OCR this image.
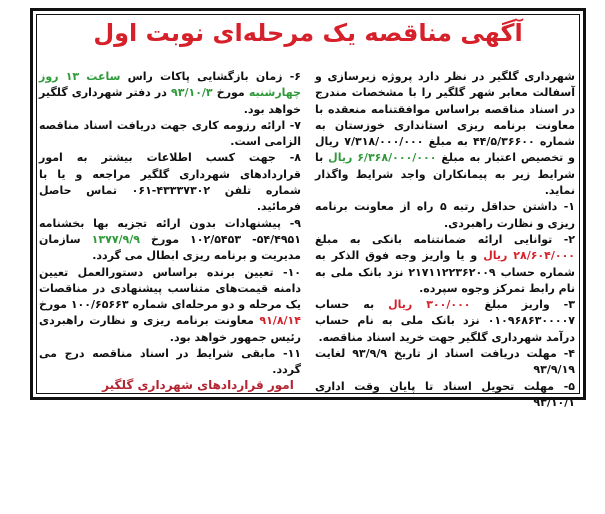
آگهی مناقصه یک مرحله‌ای نوبت اول

شهرداری گلگیر در نظر دارد پروژه زیرسازی و آسفالت معابر شهر گلگیر را با مشخصات مندرج در اسناد مناقصه براساس موافقتنامه منعقده با معاونت برنامه ریزی استانداری خوزستان به شماره ۴۴/۵/۳۶۶۰۰ به مبلغ ۷/۳۱۸/۰۰۰/۰۰۰ ریال و تخصیص اعتبار به مبلغ ۶/۳۶۸/۰۰۰/۰۰۰ ریال با شرایط زیر به پیمانکاران واجد شرایط واگذار نماید.

۱- داشتن حداقل رتبه ۵ راه از معاونت برنامه ریزی و نظارت راهبردی.

۲- توانایی ارائه ضمانتنامه بانکی به مبلغ ۲۸/۶۰۴/۰۰۰ ریال و یا واریز وجه فوق الذکر به شماره حساب ۲۱۷۱۱۲۲۳۶۲۰۰۹ نزد بانک ملی به نام رابط تمرکز وجوه سپرده.

۳- واریز مبلغ ۳۰۰/۰۰۰ ریال به حساب ۰۱۰۹۶۸۶۳۰۰۰۰۷ نزد بانک ملی به نام حساب درآمد شهرداری گلگیر جهت خرید اسناد مناقصه.

۴- مهلت دریافت اسناد از تاریخ ۹۳/۹/۹ لغایت ۹۳/۹/۱۹

۵- مهلت تحویل اسناد تا پایان وقت اداری ۹۳/۱۰/۱

۶- زمان بازگشایی پاکات راس ساعت ۱۳ روز چهارشنبه مورخ ۹۳/۱۰/۳ در دفتر شهرداری گلگیر خواهد بود.

۷- ارائه رزومه کاری جهت دریافت اسناد مناقصه الزامی است.

۸- جهت کسب اطلاعات بیشتر به امور قراردادهای شهرداری گلگیر مراجعه و یا با شماره تلفن ۴۳۳۳۷۳۰۲-۰۶۱ تماس حاصل فرمائید.

۹- پیشنهادات بدون ارائه تجزیه بها بخشنامه ۵۴/۴۹۵۱- ۱۰۲/۵۴۵۳ مورخ ۱۳۷۷/۹/۹ سازمان مدیریت و برنامه ریزی ابطال می گردد.

۱۰- تعیین برنده براساس دستورالعمل تعیین دامنه قیمت‌های متناسب پیشنهادی در مناقصات یک مرحله و دو مرحله‌ای شماره ۱۰۰/۶۵۶۶۳ مورخ ۹۱/۸/۱۴ معاونت برنامه ریزی و نظارت راهبردی رئیس جمهور خواهد بود.

۱۱- مابقی شرایط در اسناد مناقصه درج می گردد.

امور قراردادهای شهرداری گلگیر
